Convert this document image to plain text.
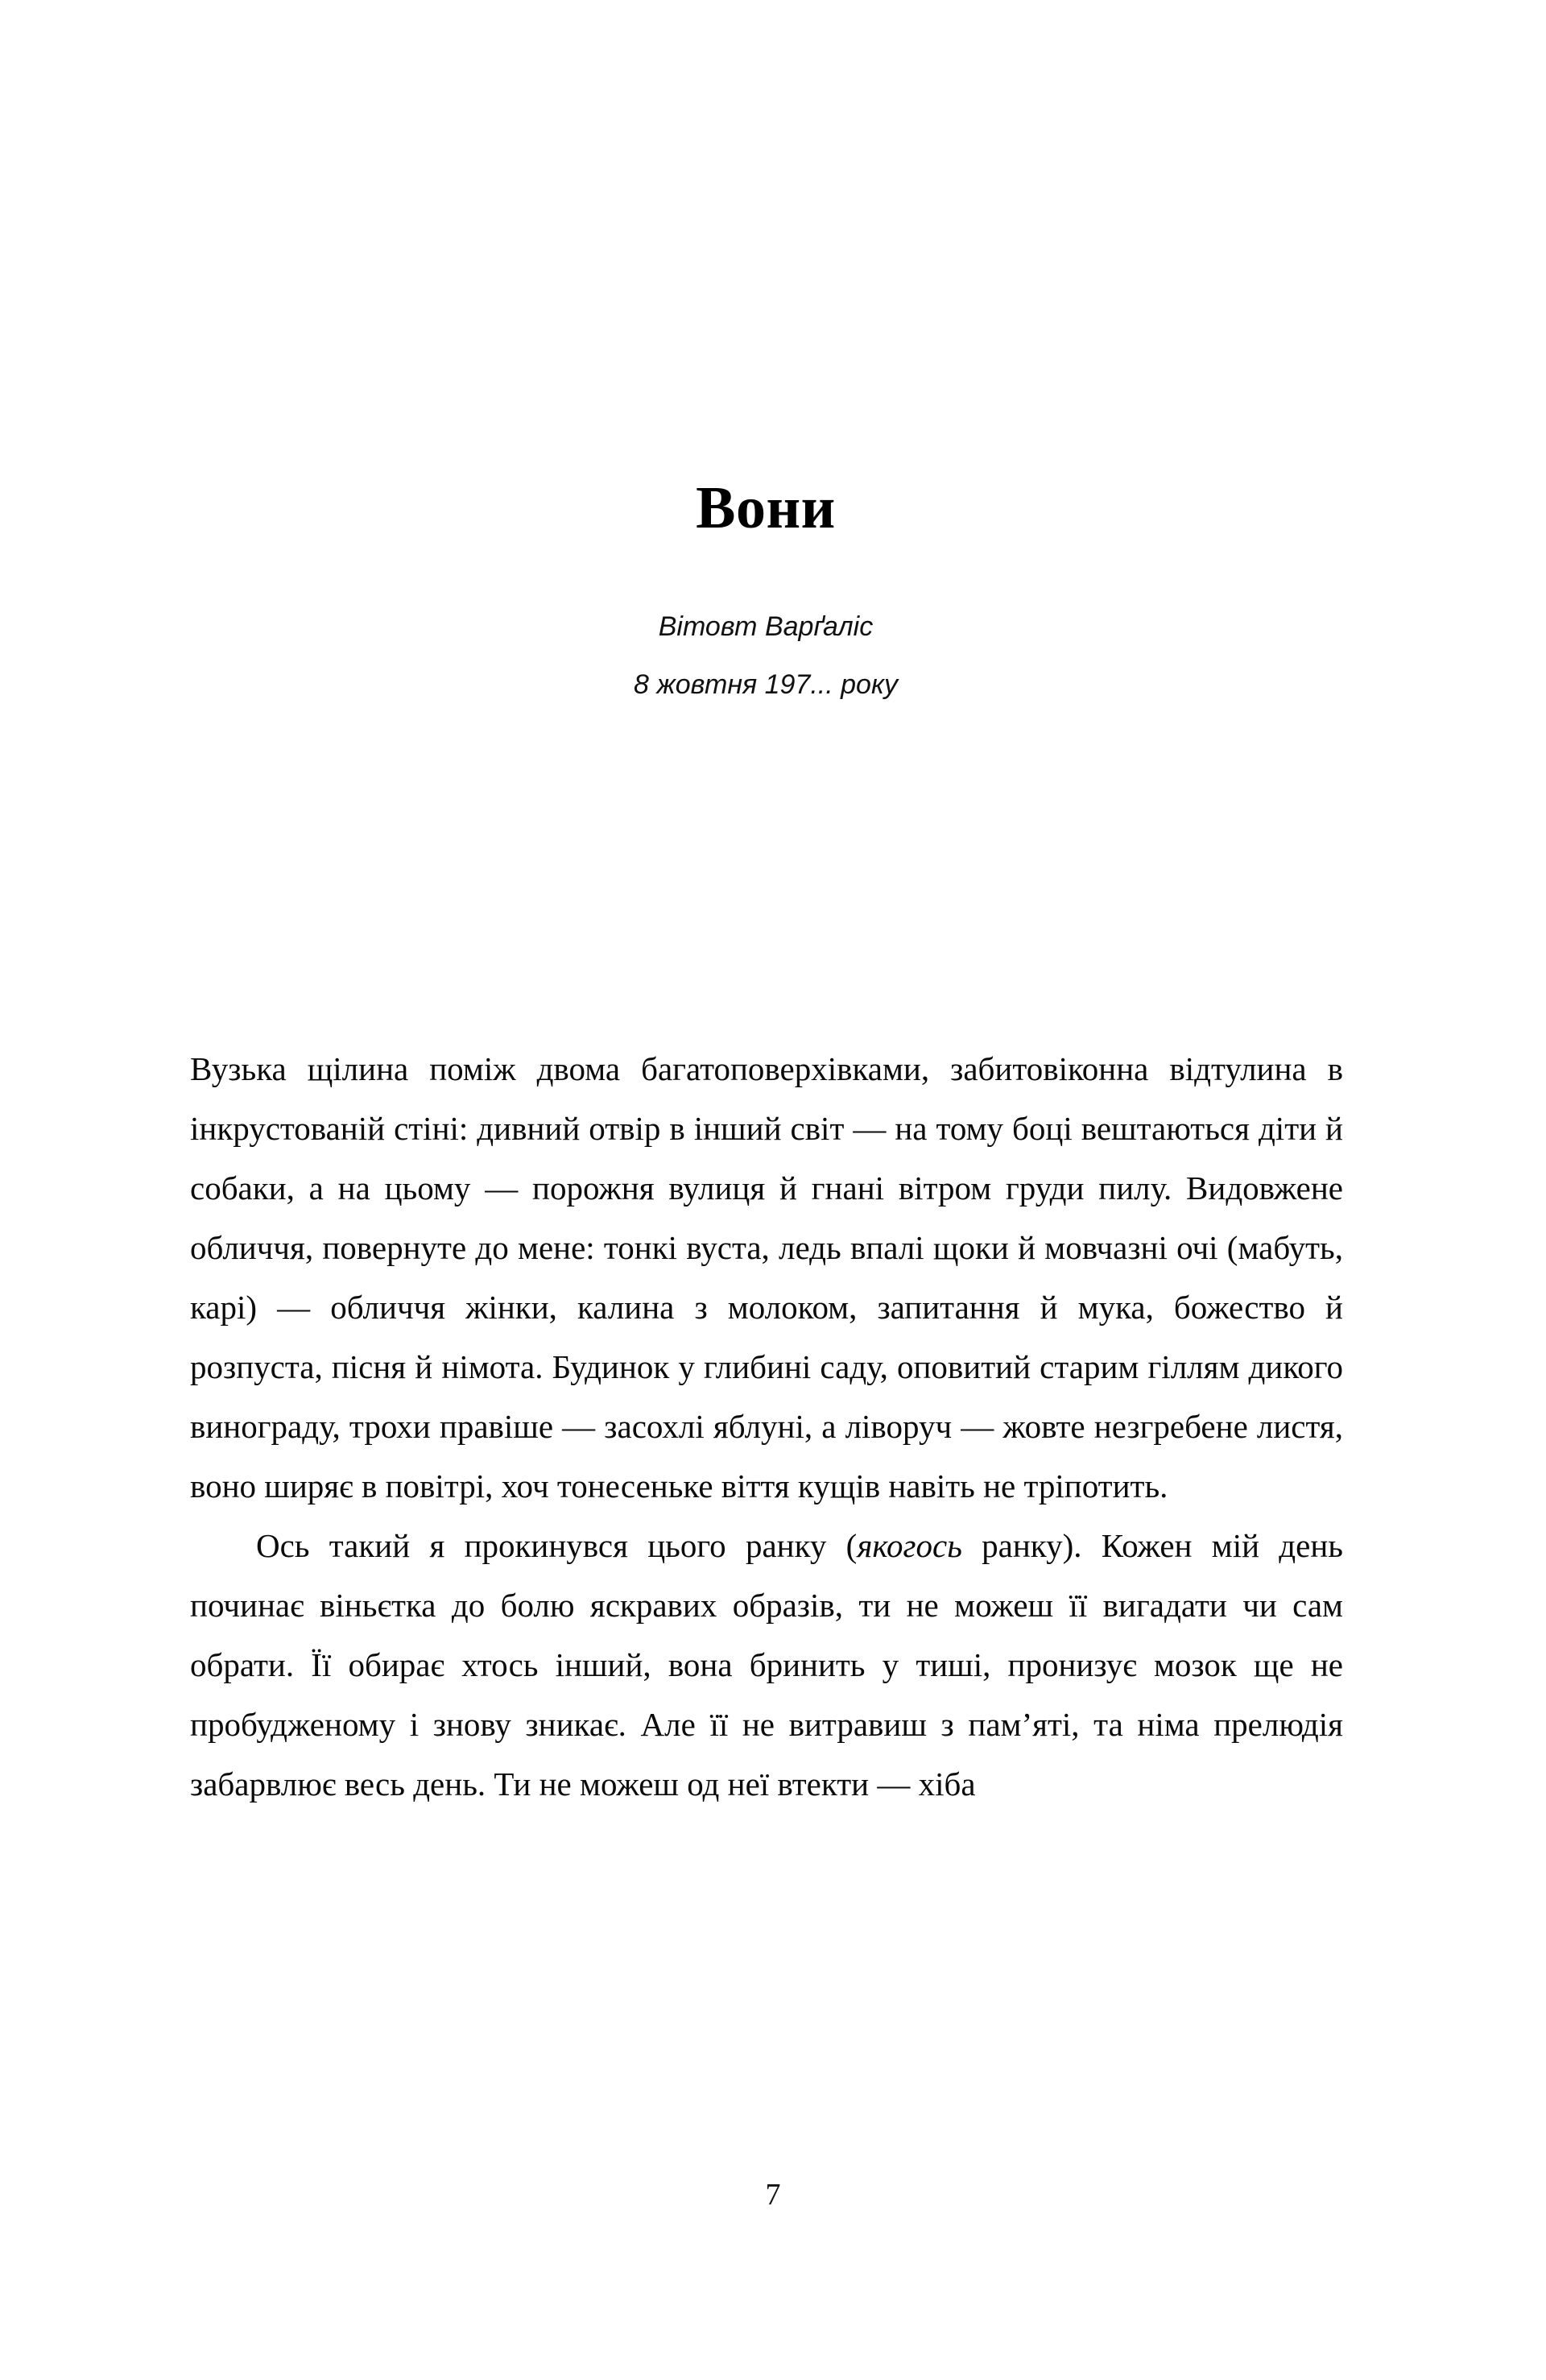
Вони
Вітовт Варґаліс
8 жовтня 197... року

Вузька щілина поміж двома багатоповерхівками, забитовіконна відтулина в інкрустованій стіні: дивний отвір в інший світ — на тому боці вештаються діти й собаки, а на цьому — порожня вулиця й гнані вітром груди пилу. Видовжене обличчя, повернуте до мене: тонкі вуста, ледь впалі щоки й мовчазні очі (мабуть, карі) — обличчя жінки, калина з молоком, запитання й мука, божество й розпуста, пісня й німота. Будинок у глибині саду, оповитий старим гіллям дикого винограду, трохи правіше — засохлі яблуні, а ліворуч — жовте незгребене листя, воно ширяє в повітрі, хоч тонесеньке віття кущів навіть не тріпотить.

Ось такий я прокинувся цього ранку (якогось ранку). Кожен мій день починає віньєтка до болю яскравих образів, ти не можеш її вигадати чи сам обрати. Її обирає хтось інший, вона бринить у тиші, пронизує мозок ще не пробудженому і знову зникає. Але її не витравиш з пам’яті, та німа прелюдія забарвлює весь день. Ти не можеш од неї втекти — хіба

7
